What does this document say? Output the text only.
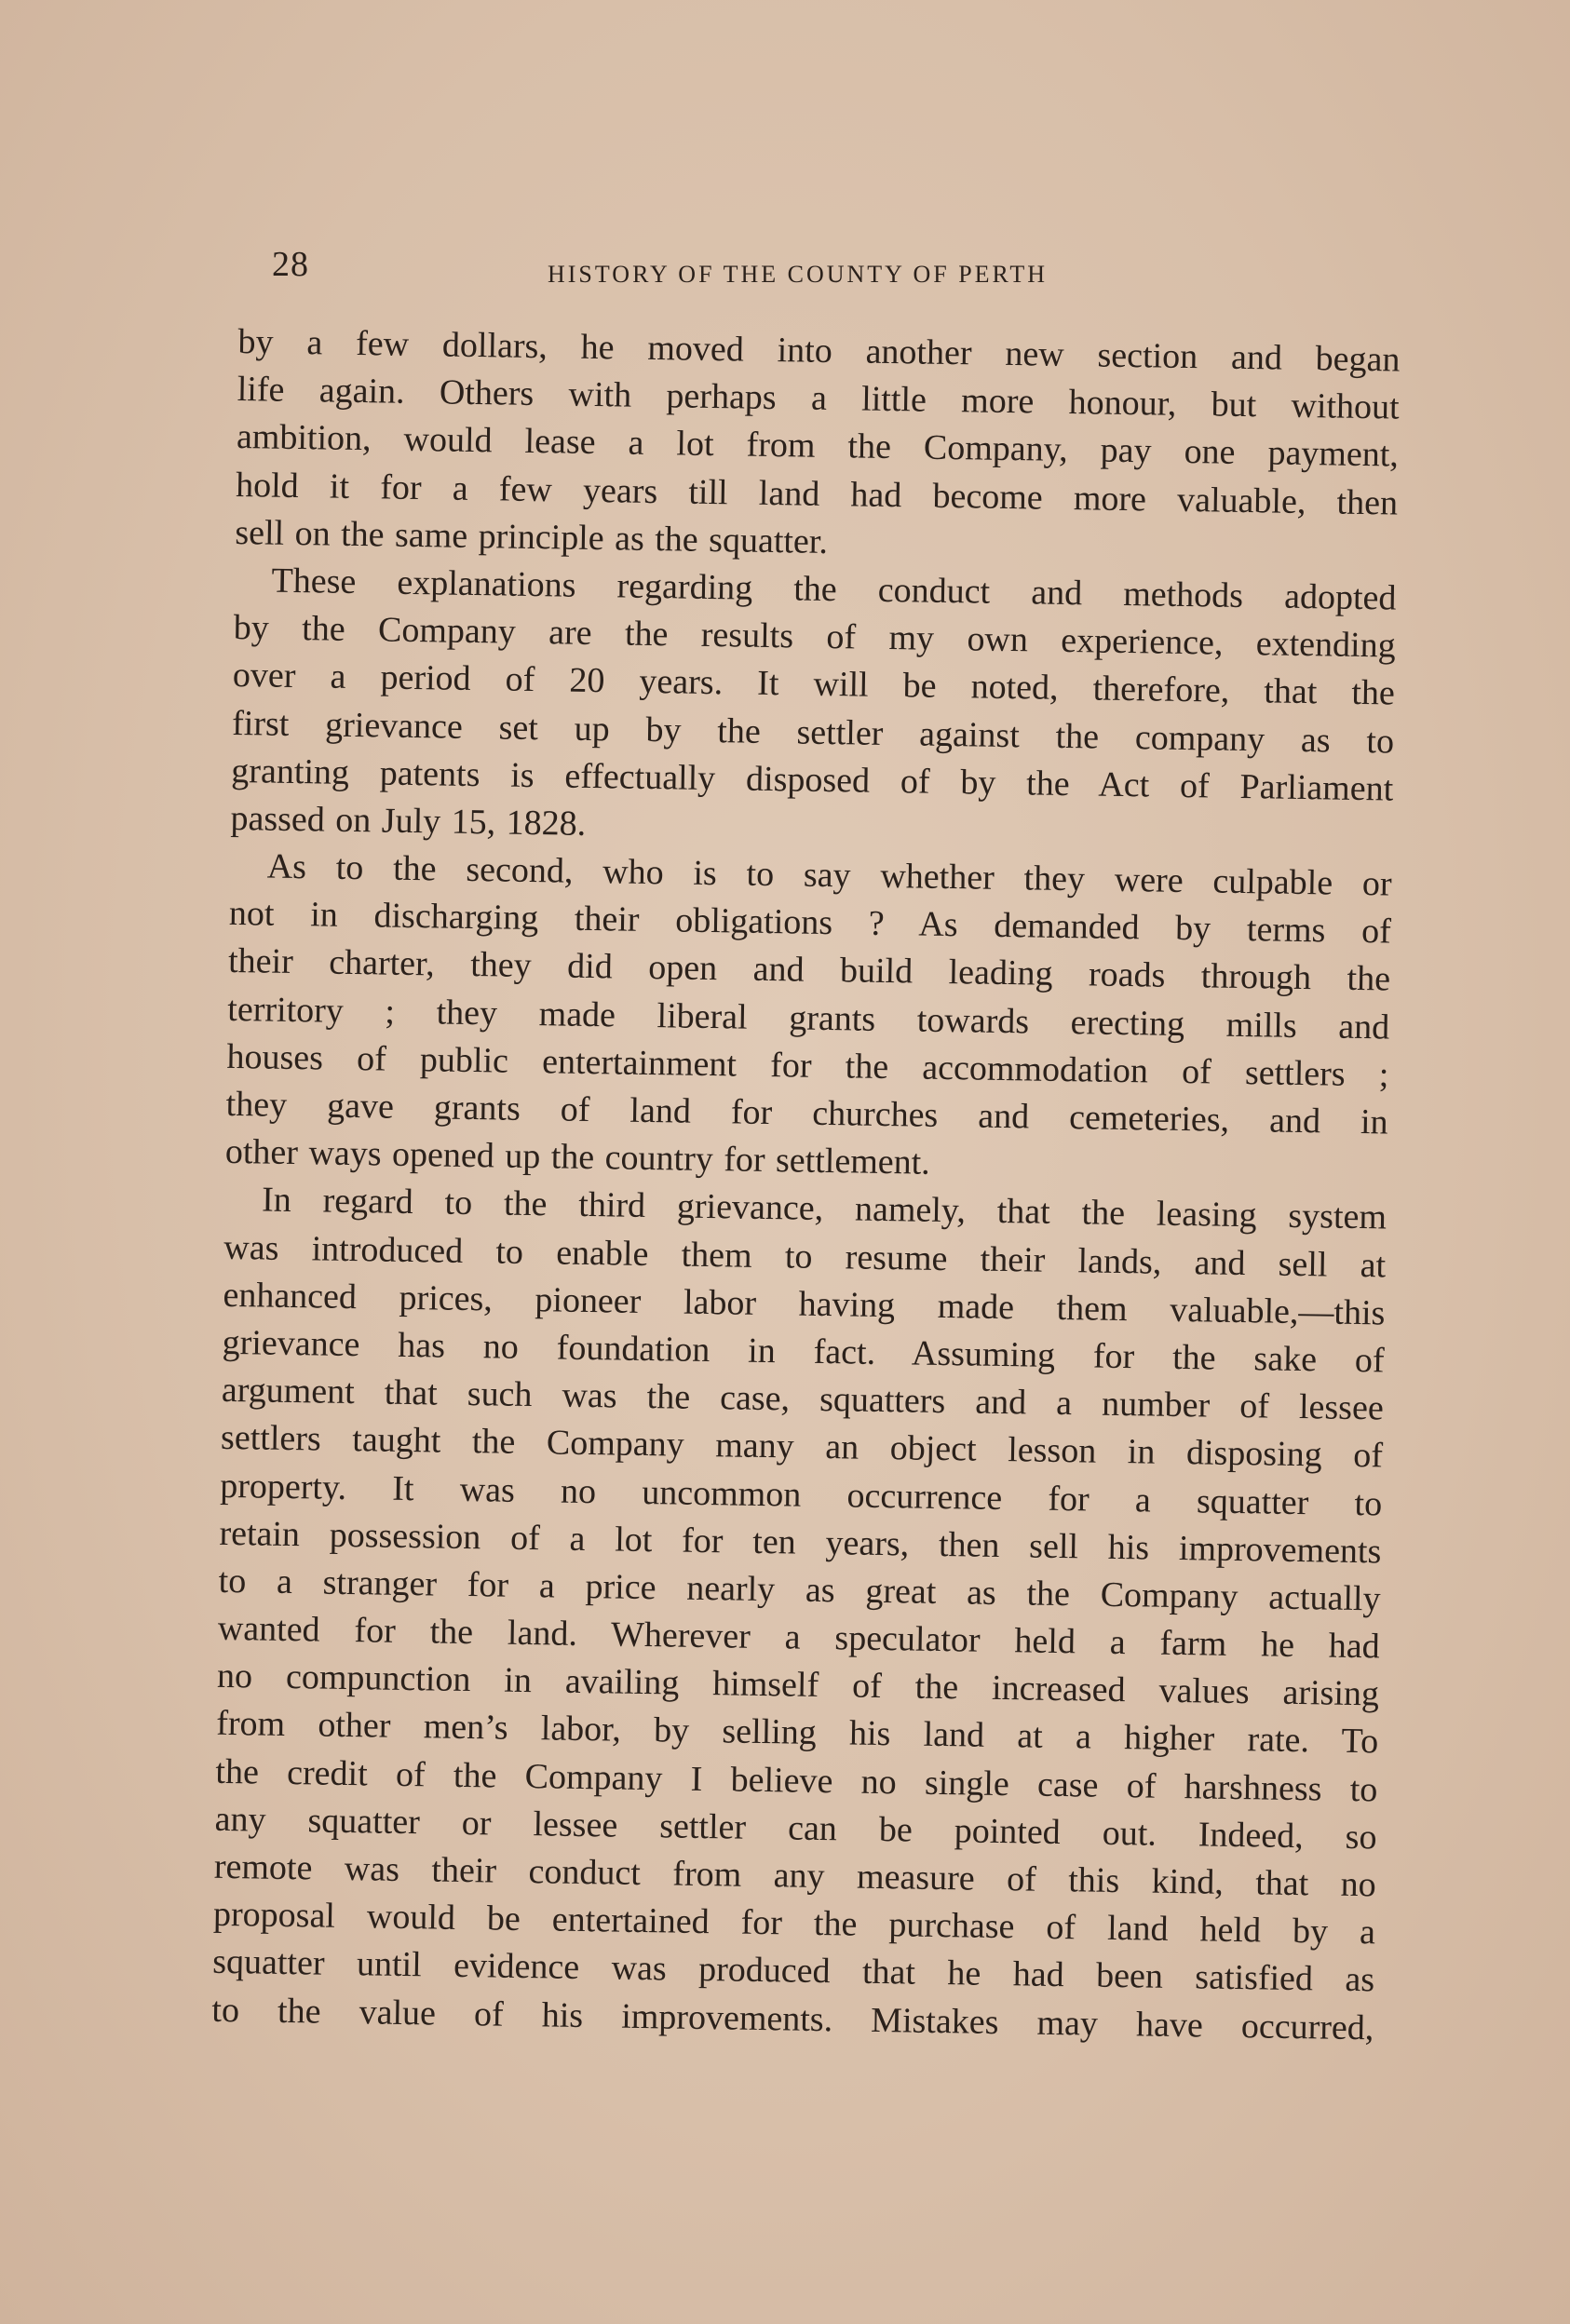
28	HISTORY OF THE COUNTY OF PERTH
by a few dollars, he moved into another new section and began
life again. Others with perhaps a little more honour, but without
ambition, would lease a lot from the Company, pay one payment,
hold it for a few years till land had become more valuable, then
sell on the same principle as the squatter.
These explanations regarding the conduct and methods adopted
by the Company are the results of my own experience, extending
over a period of 20 years. It will be noted, therefore, that the
first grievance set up by the settler against the company as to
granting patents is effectually disposed of by the Act of Parliament
passed on July 15, 1828.
As to the second, who is to say whether they were culpable or
not in discharging their obligations ? As demanded by terms of
their charter, they did open and build leading roads through the
territory ; they made liberal grants towards erecting mills and
houses of public entertainment for the accommodation of settlers ;
they gave grants of land for churches and cemeteries, and in
other ways opened up the country for settlement.
In regard to the third grievance, namely, that the leasing system
was introduced to enable them to resume their lands, and sell at
enhanced prices, pioneer labor having made them valuable,—this
grievance has no foundation in fact. Assuming for the sake of
argument that such was the case, squatters and a number of lessee
settlers taught the Company many an object lesson in disposing of
property. It was no uncommon occurrence for a squatter to
retain possession of a lot for ten years, then sell his improvements
to a stranger for a price nearly as great as the Company actually
wanted for the land. Wherever a speculator held a farm he had
no compunction in availing himself of the increased values arising
from other men’s labor, by selling his land at a higher rate. To
the credit of the Company I believe no single case of harshness to
any squatter or lessee settler can be pointed out. Indeed, so
remote was their conduct from any measure of this kind, that no
proposal would be entertained for the purchase of land held by a
squatter until evidence was produced that he had been satisfied as
to the value of his improvements. Mistakes may have occurred,
